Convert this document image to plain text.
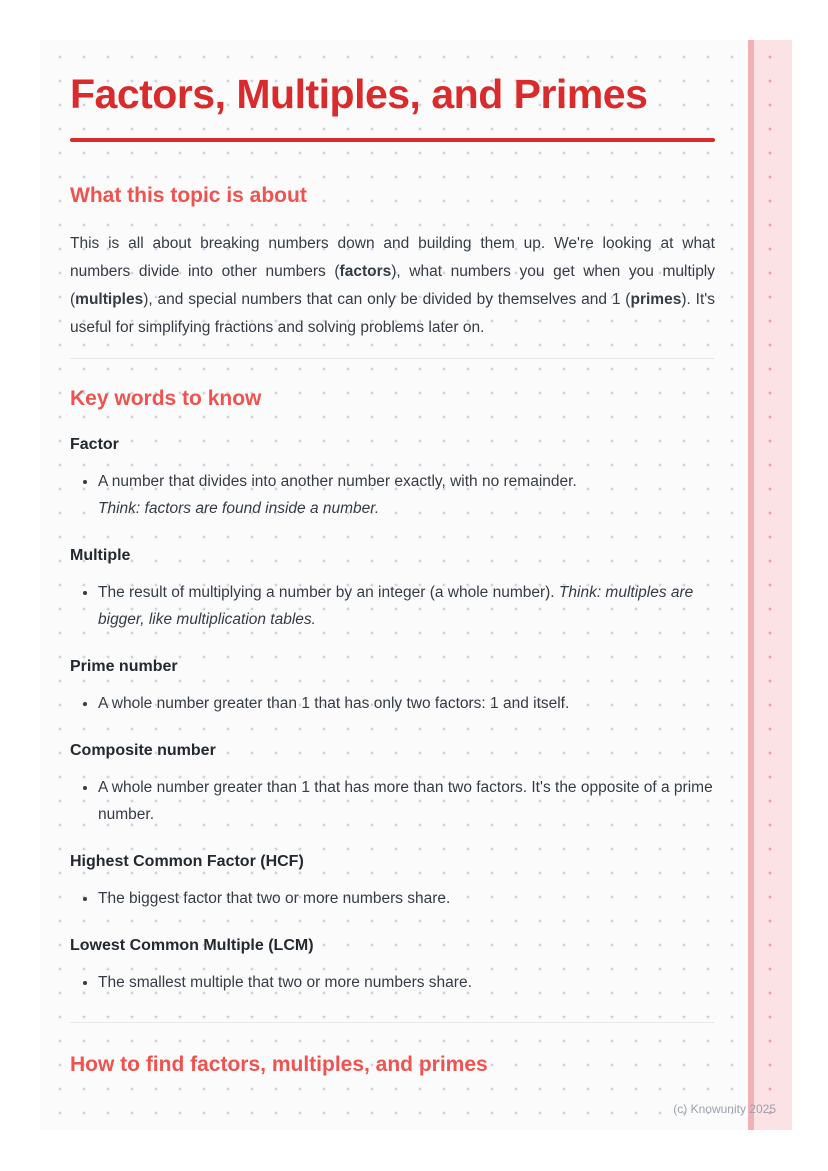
Factors, Multiples, and Primes
What this topic is about

This is all about breaking numbers down and building them up. We're looking at what numbers divide into other numbers (factors), what numbers you get when you multiply (multiples), and special numbers that can only be divided by themselves and 1 (primes). It's useful for simplifying fractions and solving problems later on.

Key words to know
Factor
• A number that divides into another number exactly, with no remainder.
Think: factors are found inside a number.
Multiple
• The result of multiplying a number by an integer (a whole number). Think: multiples are bigger, like multiplication tables.
Prime number
• A whole number greater than 1 that has only two factors: 1 and itself.
Composite number
• A whole number greater than 1 that has more than two factors. It's the opposite of a prime number.
Highest Common Factor (HCF)
• The biggest factor that two or more numbers share.
Lowest Common Multiple (LCM)
• The smallest multiple that two or more numbers share.
How to find factors, multiples, and primes
(c) Knowunity 2025
